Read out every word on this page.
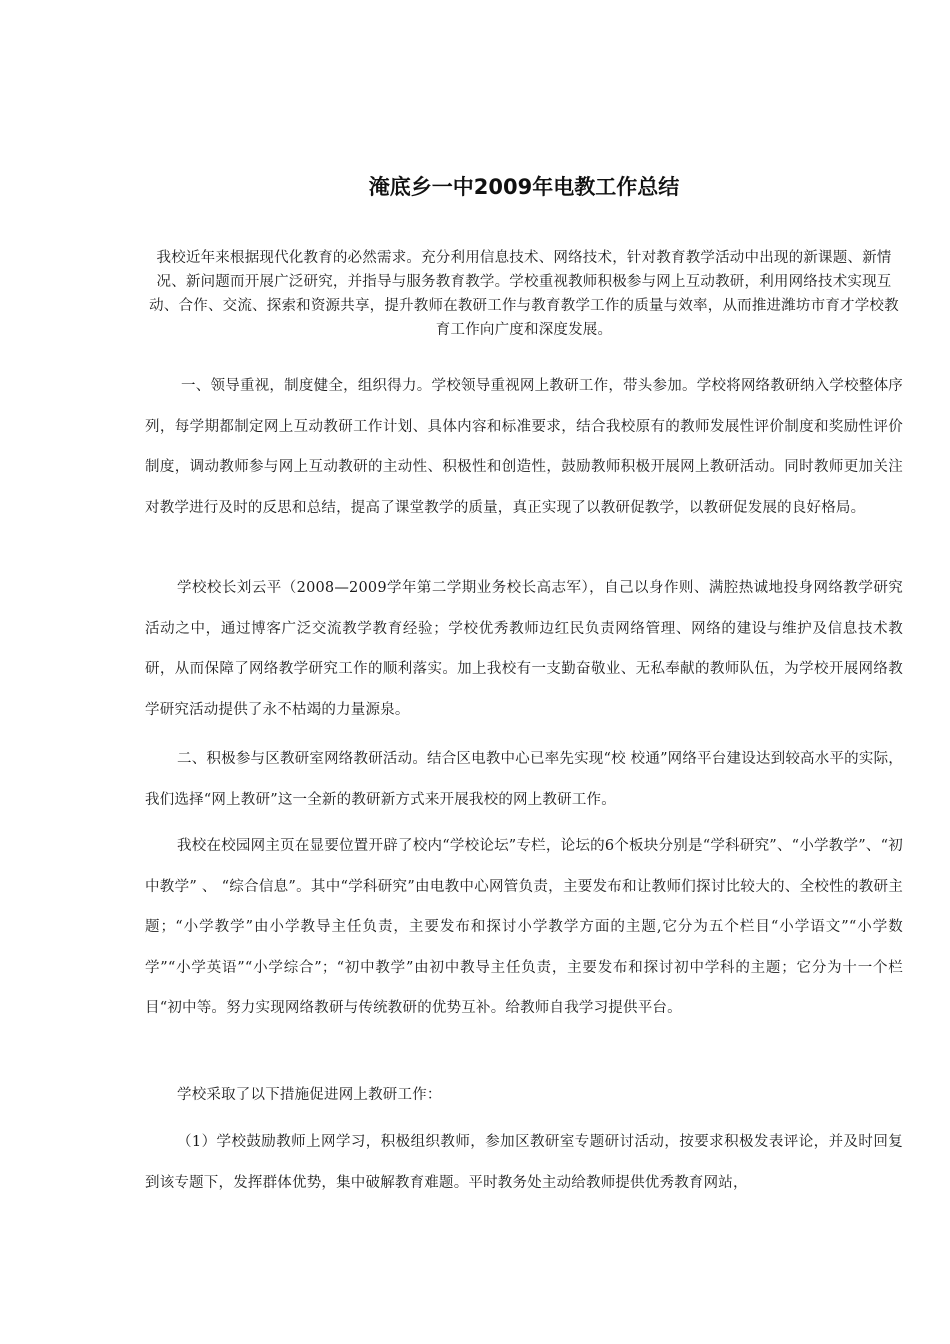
淹底乡一中2009年电教工作总结
我校近年来根据现代化教育的必然需求。充分利用信息技术、网络技术，针对教育教学活动中出现的新课题、新情况、新问题而开展广泛研究，并指导与服务教育教学。学校重视教师积极参与网上互动教研，利用网络技术实现互动、合作、交流、探索和资源共享，提升教师在教研工作与教育教学工作的质量与效率，从而推进潍坊市育才学校教育工作向广度和深度发展。
一、领导重视，制度健全，组织得力。学校领导重视网上教研工作，带头参加。学校将网络教研纳入学校整体序列，每学期都制定网上互动教研工作计划、具体内容和标准要求，结合我校原有的教师发展性评价制度和奖励性评价制度，调动教师参与网上互动教研的主动性、积极性和创造性，鼓励教师积极开展网上教研活动。同时教师更加关注对教学进行及时的反思和总结，提高了课堂教学的质量，真正实现了以教研促教学，以教研促发展的良好格局。
学校校长刘云平（2008—2009学年第二学期业务校长高志军），自己以身作则、满腔热诚地投身网络教学研究活动之中，通过博客广泛交流教学教育经验；学校优秀教师边红民负责网络管理、网络的建设与维护及信息技术教研，从而保障了网络教学研究工作的顺利落实。加上我校有一支勤奋敬业、无私奉献的教师队伍，为学校开展网络教学研究活动提供了永不枯竭的力量源泉。
二、积极参与区教研室网络教研活动。结合区电教中心已率先实现“校 校通”网络平台建设达到较高水平的实际，我们选择“网上教研”这一全新的教研新方式来开展我校的网上教研工作。
我校在校园网主页在显要位置开辟了校内“学校论坛”专栏，论坛的6个板块分别是“学科研究”、“小学教学”、“初中教学” 、 “综合信息”。其中“学科研究”由电教中心网管负责，主要发布和让教师们探讨比较大的、全校性的教研主题；“小学教学”由小学教导主任负责，主要发布和探讨小学教学方面的主题,它分为五个栏目“小学语文”“小学数学”“小学英语”“小学综合”；“初中教学”由初中教导主任负责，主要发布和探讨初中学科的主题；它分为十一个栏目“初中等。努力实现网络教研与传统教研的优势互补。给教师自我学习提供平台。
学校采取了以下措施促进网上教研工作：
（1）学校鼓励教师上网学习，积极组织教师，参加区教研室专题研讨活动，按要求积极发表评论，并及时回复到该专题下，发挥群体优势，集中破解教育难题。平时教务处主动给教师提供优秀教育网站，
